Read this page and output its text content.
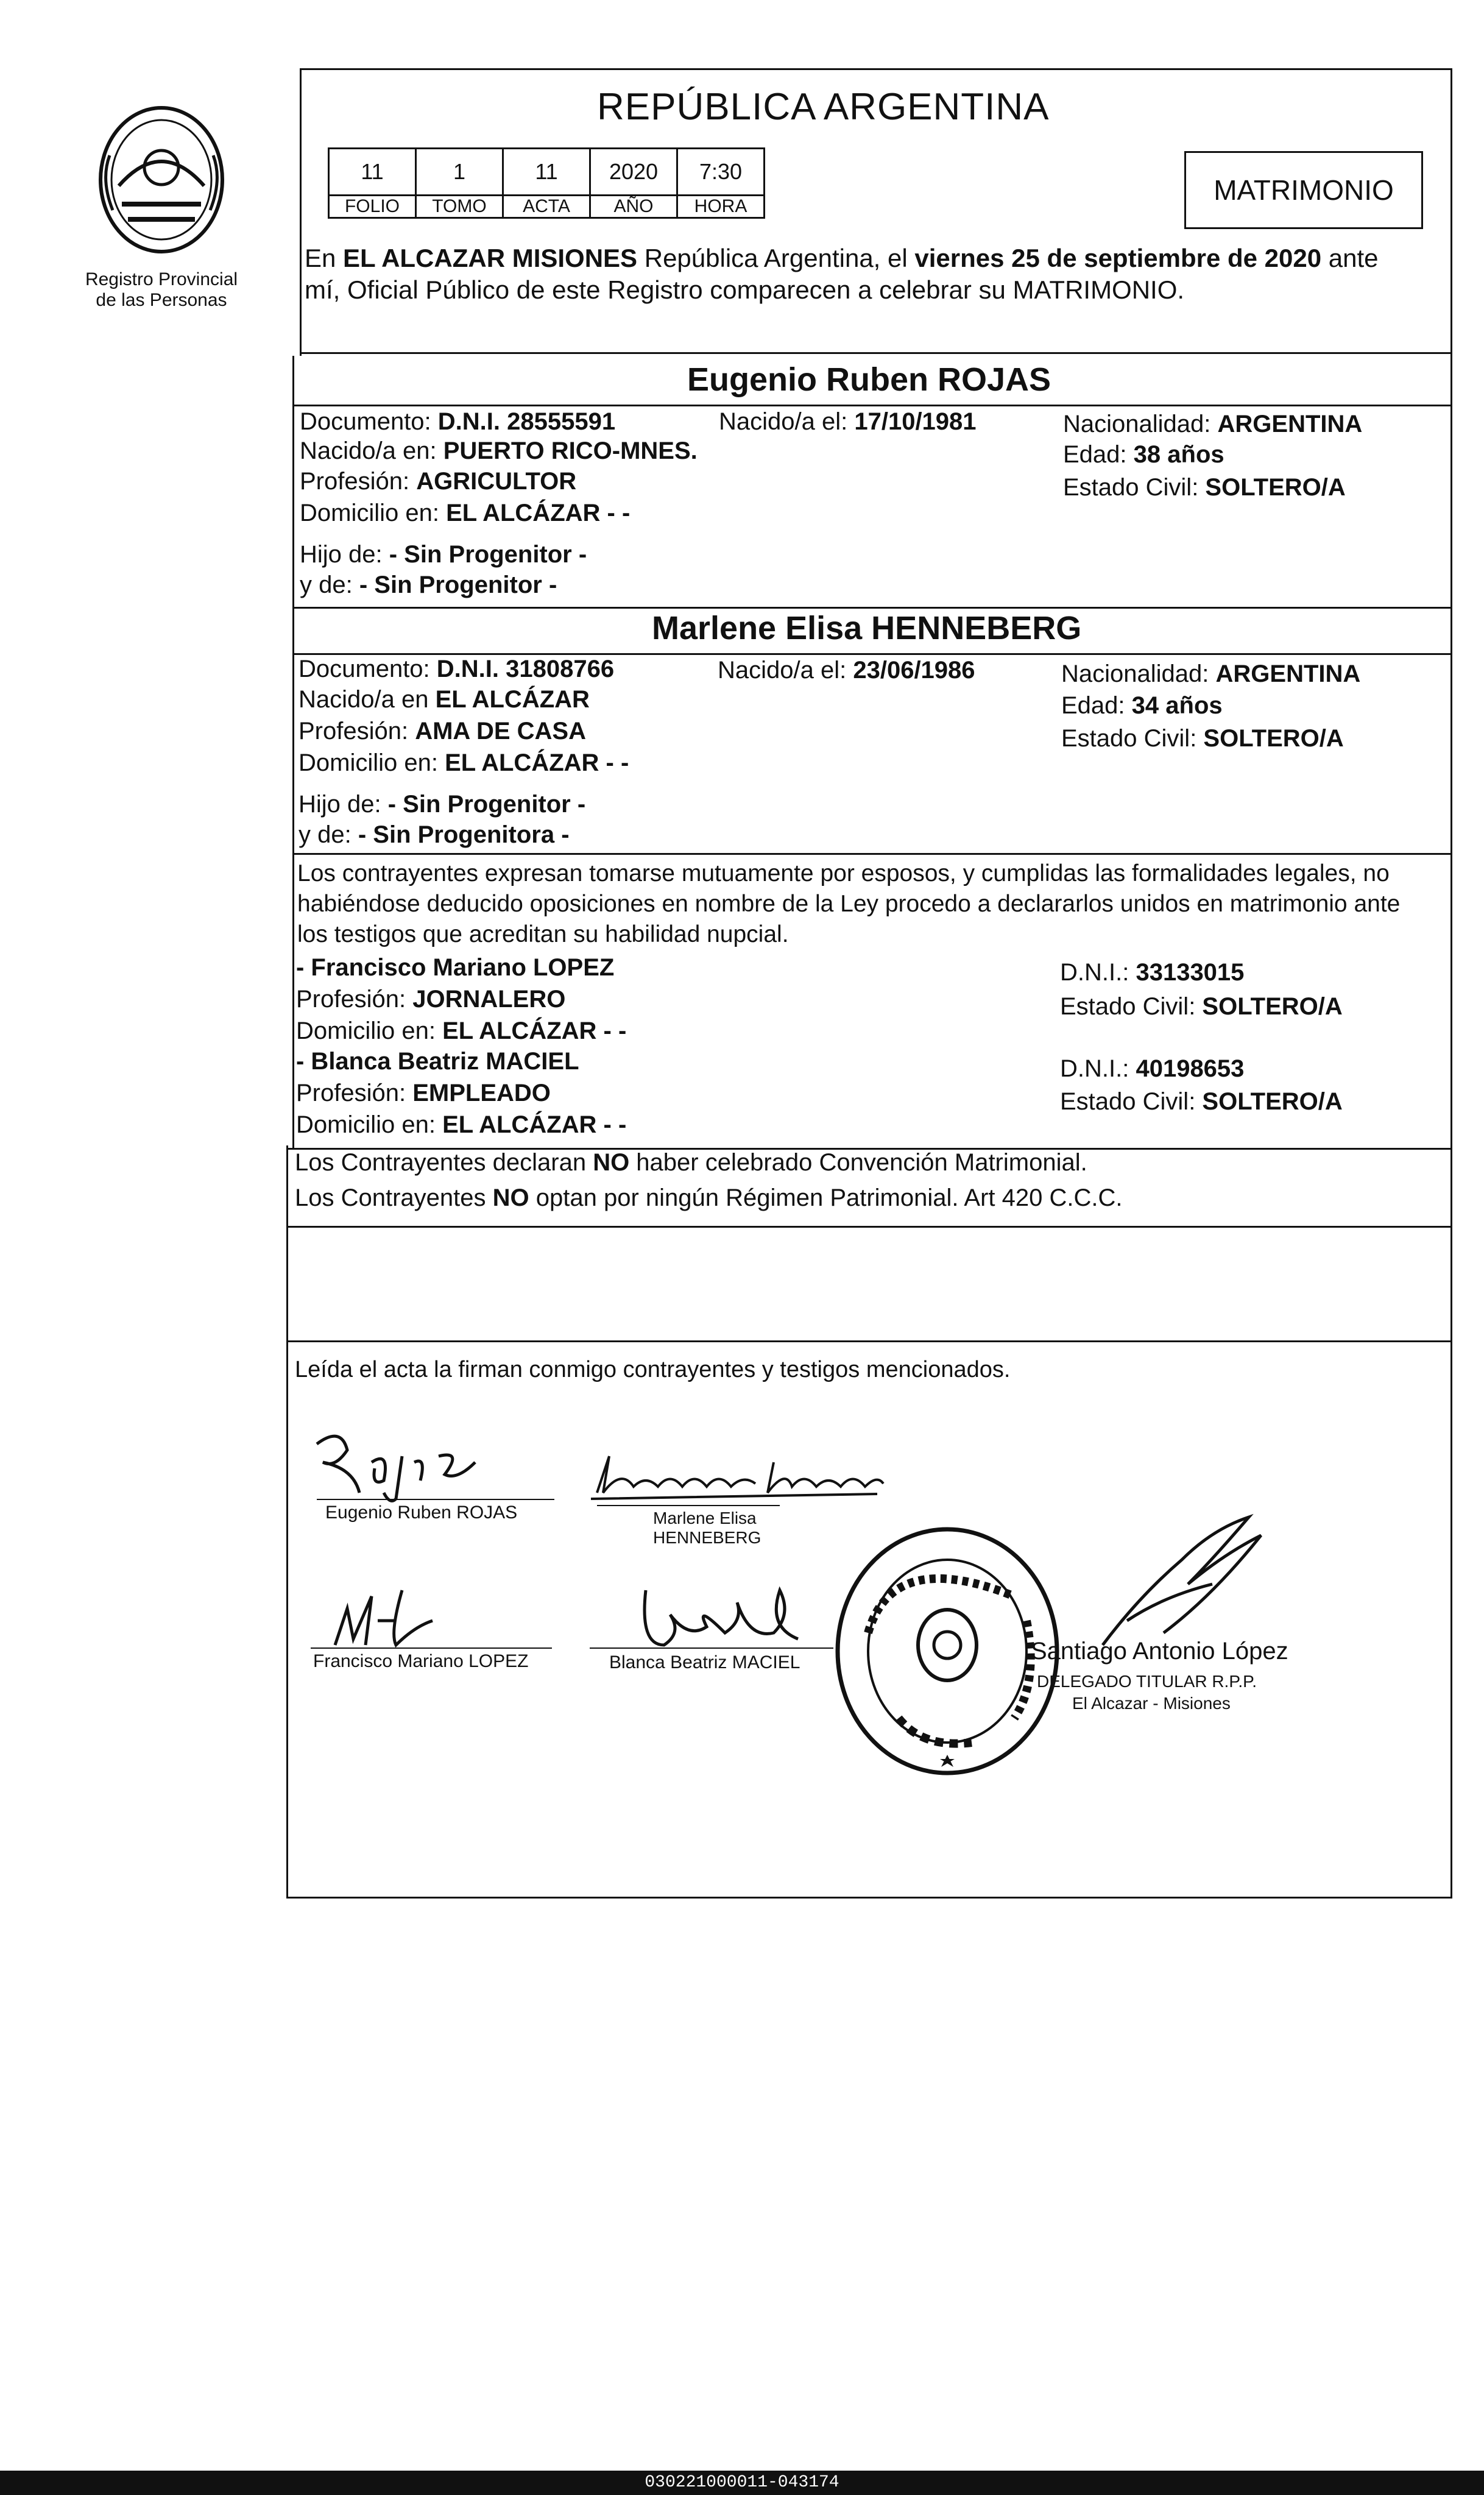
Registro Provincial
de las Personas
REPÚBLICA ARGENTINA
11	1	11	2020	7:30
FOLIO	TOMO	ACTA	AÑO	HORA
MATRIMONIO
En EL ALCAZAR MISIONES República Argentina, el viernes 25 de septiembre de 2020 ante
mí, Oficial Público de este Registro comparecen a celebrar su MATRIMONIO.
Eugenio Ruben ROJAS
Documento: D.N.I. 28555591	Nacido/a el: 17/10/1981	Nacionalidad: ARGENTINA
Nacido/a en: PUERTO RICO-MNES.	Edad: 38 años
Profesión: AGRICULTOR	Estado Civil: SOLTERO/A
Domicilio en: EL ALCÁZAR - -
Hijo de: - Sin Progenitor -
y de: - Sin Progenitor -
Marlene Elisa HENNEBERG
Documento: D.N.I. 31808766	Nacido/a el: 23/06/1986	Nacionalidad: ARGENTINA
Nacido/a en EL ALCÁZAR	Edad: 34 años
Profesión: AMA DE CASA	Estado Civil: SOLTERO/A
Domicilio en: EL ALCÁZAR - -
Hijo de: - Sin Progenitor -
y de: - Sin Progenitora -
Los contrayentes expresan tomarse mutuamente por esposos, y cumplidas las formalidades legales, no
habiéndose deducido oposiciones en nombre de la Ley procedo a declararlos unidos en matrimonio ante
los testigos que acreditan su habilidad nupcial.
- Francisco Mariano LOPEZ	D.N.I.: 33133015
Profesión: JORNALERO	Estado Civil: SOLTERO/A
Domicilio en: EL ALCÁZAR - -
- Blanca Beatriz MACIEL	D.N.I.: 40198653
Profesión: EMPLEADO	Estado Civil: SOLTERO/A
Domicilio en: EL ALCÁZAR - -
Los Contrayentes declaran NO haber celebrado Convención Matrimonial.
Los Contrayentes NO optan por ningún Régimen Patrimonial. Art 420 C.C.C.
Leída el acta la firman conmigo contrayentes y testigos mencionados.
Eugenio Ruben ROJAS	Marlene Elisa
HENNEBERG
Francisco Mariano LOPEZ	Blanca Beatriz MACIEL	Santiago Antonio López
DELEGADO TITULAR R.P.P.
El Alcazar - Misiones
030221000011-043174
